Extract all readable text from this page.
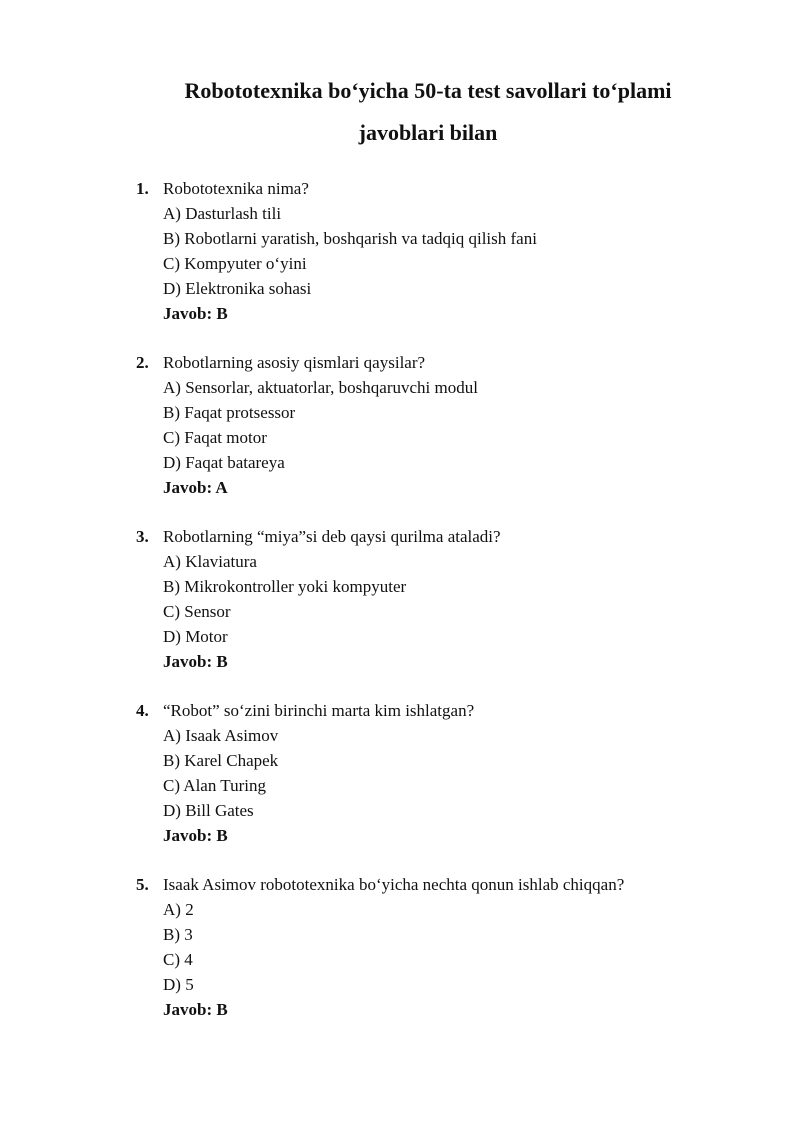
Robototexnika bo‘yicha 50-ta test savollari to‘plami
javoblari bilan
1. Robototexnika nima?
A) Dasturlash tili
B) Robotlarni yaratish, boshqarish va tadqiq qilish fani
C) Kompyuter o‘yini
D) Elektronika sohasi
Javob: B
2. Robotlarning asosiy qismlari qaysilar?
A) Sensorlar, aktuatorlar, boshqaruvchi modul
B) Faqat protsessor
C) Faqat motor
D) Faqat batareya
Javob: A
3. Robotlarning “miya”si deb qaysi qurilma ataladi?
A) Klaviatura
B) Mikrokontroller yoki kompyuter
C) Sensor
D) Motor
Javob: B
4. “Robot” so‘zini birinchi marta kim ishlatgan?
A) Isaak Asimov
B) Karel Chapek
C) Alan Turing
D) Bill Gates
Javob: B
5. Isaak Asimov robototexnika bo‘yicha nechta qonun ishlab chiqqan?
A) 2
B) 3
C) 4
D) 5
Javob: B
